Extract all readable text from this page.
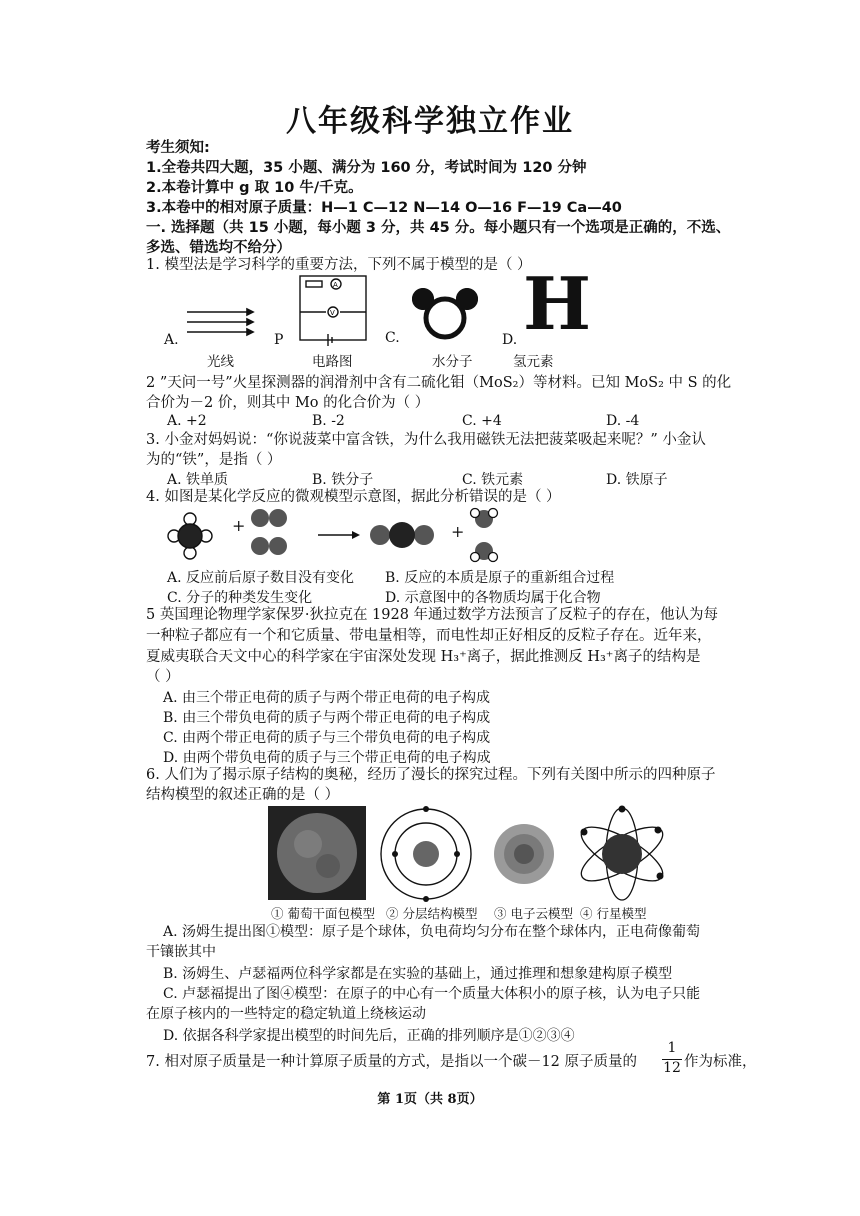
八年级科学独立作业
考生须知:
1.全卷共四大题，35 小题、满分为 160 分，考试时间为 120 分钟
2.本卷计算中 g 取 10 牛/千克。
3.本卷中的相对原子质量：H—1 C—12 N—14 O—16 F—19 Ca—40
一. 选择题（共 15 小题，每小题 3 分，共 45 分。每小题只有一个选项是正确的，不选、
多选、错选均不给分）
1. 模型法是学习科学的重要方法，下列不属于模型的是（ ）
A.
A
V
P	C. H
D.
光线	电路图	水分子	氢元素
2 ”天问一号”火星探测器的润滑剂中含有二硫化钼（MoS₂）等材料。已知 MoS₂ 中 S 的化
合价为－2 价，则其中 Mo 的化合价为（ ）
A. +2	B. -2	C. +4	D. -4
3. 小金对妈妈说：“你说菠菜中富含铁，为什么我用磁铁无法把菠菜吸起来呢？” 小金认
为的“铁”，是指（ ）
A. 铁单质	B. 铁分子	C. 铁元素	D. 铁原子
4. 如图是某化学反应的微观模型示意图，据此分析错误的是（ ）
+	+
A. 反应前后原子数目没有变化 B. 反应的本质是原子的重新组合过程
C. 分子的种类发生变化	D. 示意图中的各物质均属于化合物
5 英国理论物理学家保罗·狄拉克在 1928 年通过数学方法预言了反粒子的存在，他认为每
一种粒子都应有一个和它质量、带电量相等，而电性却正好相反的反粒子存在。近年来，
夏威夷联合天文中心的科学家在宇宙深处发现 H₃⁺离子，据此推测反 H₃⁺离子的结构是
（ ）
A. 由三个带正电荷的质子与两个带正电荷的电子构成
B. 由三个带负电荷的质子与两个带正电荷的电子构成
C. 由两个带正电荷的质子与三个带负电荷的电子构成
D. 由两个带负电荷的质子与三个带正电荷的电子构成
6. 人们为了揭示原子结构的奥秘，经历了漫长的探究过程。下列有关图中所示的四种原子
结构模型的叙述正确的是（ ）
① 葡萄干面包模型 ② 分层结构模型 ③ 电子云模型 ④ 行星模型
A. 汤姆生提出图①模型：原子是个球体，负电荷均匀分布在整个球体内，正电荷像葡萄
干镶嵌其中
B. 汤姆生、卢瑟福两位科学家都是在实验的基础上，通过推理和想象建构原子模型
C. 卢瑟福提出了图④模型：在原子的中心有一个质量大体积小的原子核，认为电子只能
在原子核内的一些特定的稳定轨道上绕核运动
D. 依据各科学家提出模型的时间先后，正确的排列顺序是①②③④
7. 相对原子质量是一种计算原子质量的方式，是指以一个碳－12 原子质量的
1
12 作为标准，
第 1页（共 8页）
